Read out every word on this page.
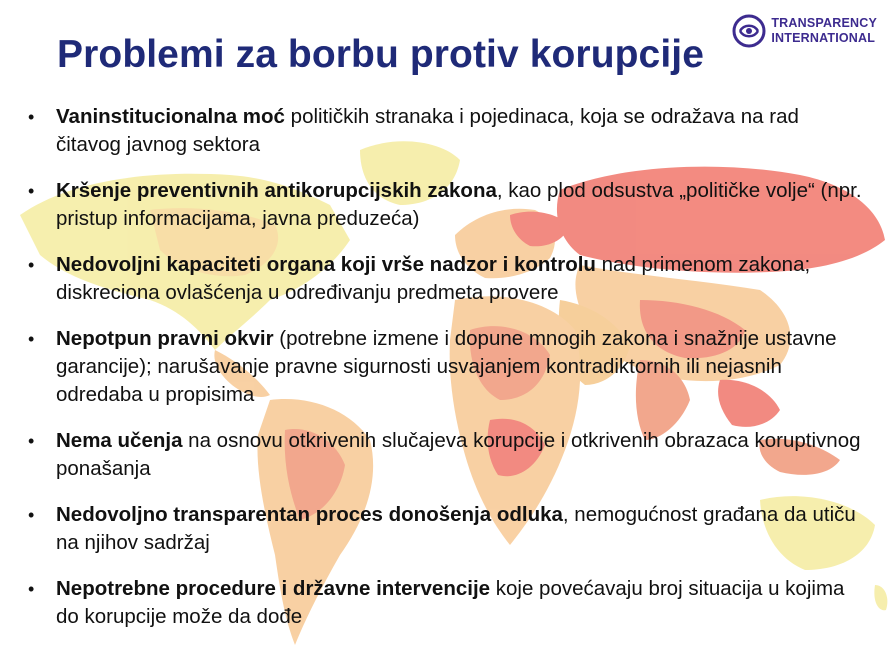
TRANSPARENCY
INTERNATIONAL
Problemi za borbu protiv korupcije
• Vaninstitucionalna moć političkih stranaka i pojedinaca, koja se odražava na rad čitavog javnog sektora
• Kršenje preventivnih antikorupcijskih zakona, kao plod odsustva „političke volje“ (npr. pristup informacijama, javna preduzeća)
• Nedovoljni kapaciteti organa koji vrše nadzor i kontrolu nad primenom zakona; diskreciona ovlašćenja u određivanju predmeta provere
• Nepotpun pravni okvir (potrebne izmene i dopune mnogih zakona i snažnije ustavne garancije); narušavanje pravne sigurnosti usvajanjem kontradiktornih ili nejasnih odredaba u propisima
• Nema učenja na osnovu otkrivenih slučajeva korupcije i otkrivenih obrazaca koruptivnog ponašanja
• Nedovoljno transparentan proces donošenja odluka, nemogućnost građana da utiču na njihov sadržaj
• Nepotrebne procedure i državne intervencije koje povećavaju broj situacija u kojima do korupcije može da dođe
